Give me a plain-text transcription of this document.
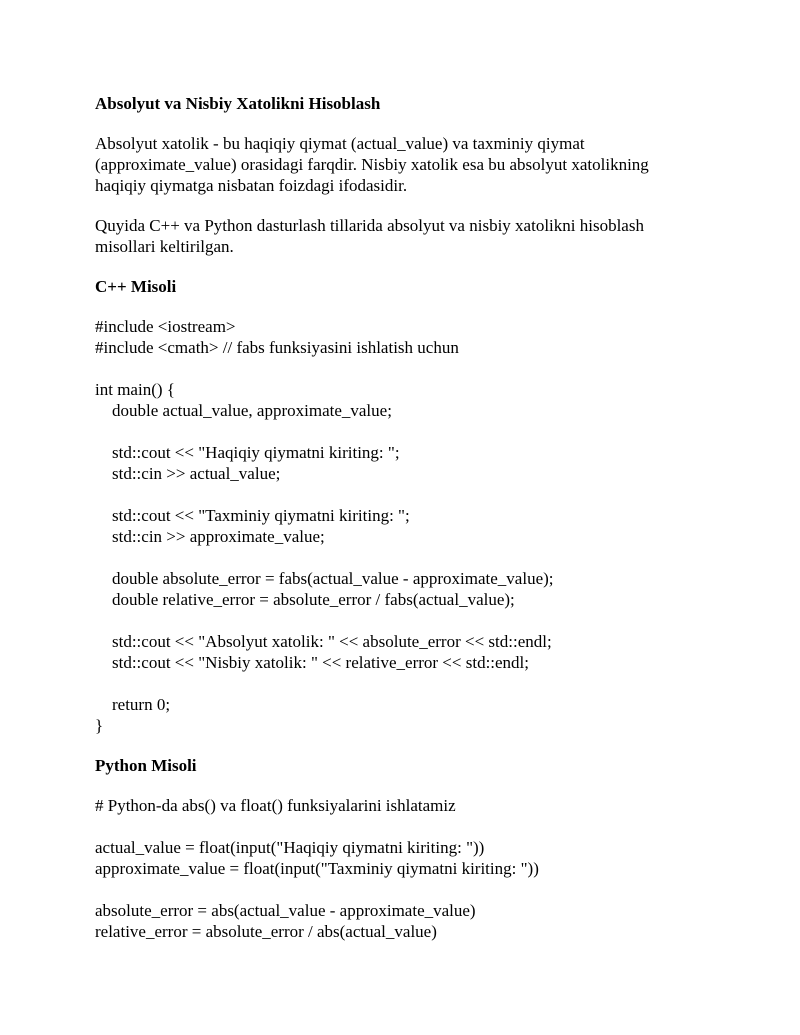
Absolyut va Nisbiy Xatolikni Hisoblash
Absolyut xatolik - bu haqiqiy qiymat (actual_value) va taxminiy qiymat
(approximate_value) orasidagi farqdir. Nisbiy xatolik esa bu absolyut xatolikning
haqiqiy qiymatga nisbatan foizdagi ifodasidir.
Quyida C++ va Python dasturlash tillarida absolyut va nisbiy xatolikni hisoblash
misollari keltirilgan.
C++ Misoli
#include <iostream>
#include <cmath> // fabs funksiyasini ishlatish uchun
int main() {
double actual_value, approximate_value;
std::cout << "Haqiqiy qiymatni kiriting: ";
std::cin >> actual_value;
std::cout << "Taxminiy qiymatni kiriting: ";
std::cin >> approximate_value;
double absolute_error = fabs(actual_value - approximate_value);
double relative_error = absolute_error / fabs(actual_value);
std::cout << "Absolyut xatolik: " << absolute_error << std::endl;
std::cout << "Nisbiy xatolik: " << relative_error << std::endl;
return 0;
}
Python Misoli
# Python-da abs() va float() funksiyalarini ishlatamiz
actual_value = float(input("Haqiqiy qiymatni kiriting: "))
approximate_value = float(input("Taxminiy qiymatni kiriting: "))
absolute_error = abs(actual_value - approximate_value)
relative_error = absolute_error / abs(actual_value)
